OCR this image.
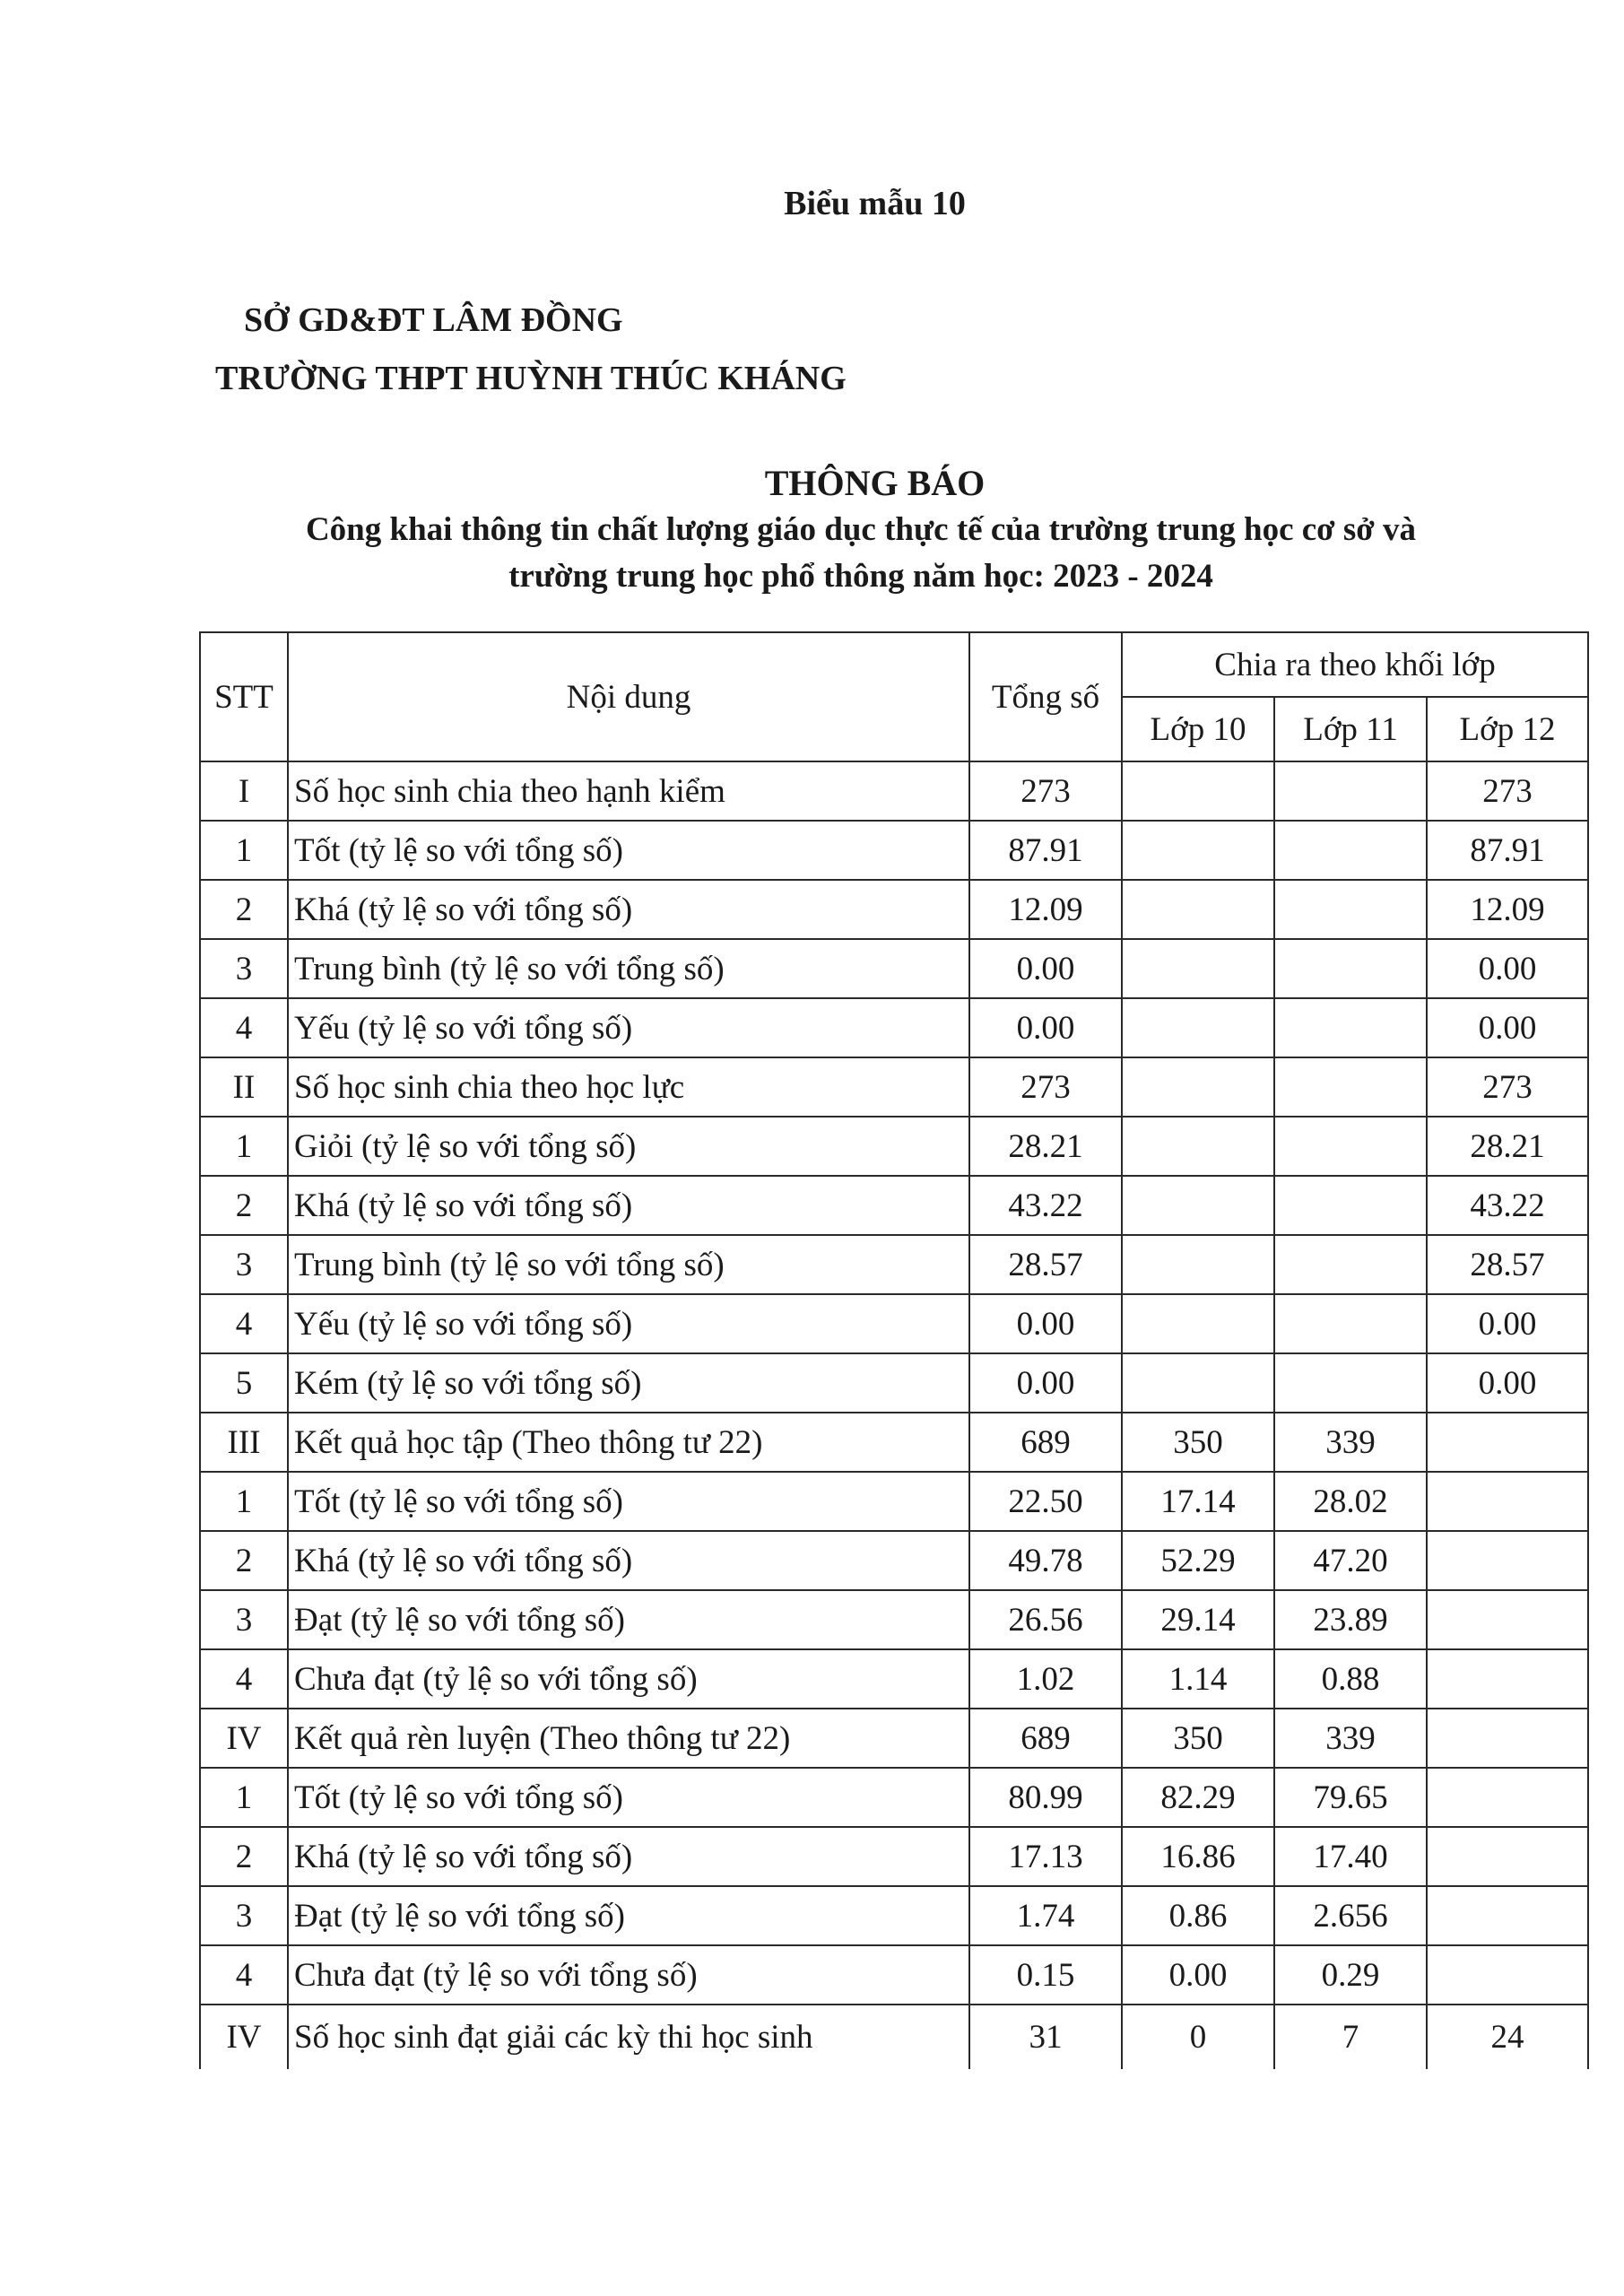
Biểu mẫu 10
SỞ GD&ĐT LÂM ĐỒNG
TRƯỜNG THPT HUỲNH THÚC KHÁNG
THÔNG BÁO
Công khai thông tin chất lượng giáo dục thực tế của trường trung học cơ sở và
trường trung học phổ thông năm học: 2023 - 2024
STT	Nội dung	Tổng số	Chia ra theo khối lớp		
			Lớp 10	Lớp 11	Lớp 12
I	Số học sinh chia theo hạnh kiểm	273			273
1	Tốt (tỷ lệ so với tổng số)	87.91			87.91
2	Khá (tỷ lệ so với tổng số)	12.09			12.09
3	Trung bình (tỷ lệ so với tổng số)	0.00			0.00
4	Yếu (tỷ lệ so với tổng số)	0.00			0.00
II	Số học sinh chia theo học lực	273			273
1	Giỏi (tỷ lệ so với tổng số)	28.21			28.21
2	Khá (tỷ lệ so với tổng số)	43.22			43.22
3	Trung bình (tỷ lệ so với tổng số)	28.57			28.57
4	Yếu (tỷ lệ so với tổng số)	0.00			0.00
5	Kém (tỷ lệ so với tổng số)	0.00			0.00
III	Kết quả học tập (Theo thông tư 22)	689	350	339	
1	Tốt (tỷ lệ so với tổng số)	22.50	17.14	28.02	
2	Khá (tỷ lệ so với tổng số)	49.78	52.29	47.20	
3	Đạt (tỷ lệ so với tổng số)	26.56	29.14	23.89	
4	Chưa đạt (tỷ lệ so với tổng số)	1.02	1.14	0.88	
IV	Kết quả rèn luyện (Theo thông tư 22)	689	350	339	
1	Tốt (tỷ lệ so với tổng số)	80.99	82.29	79.65	
2	Khá (tỷ lệ so với tổng số)	17.13	16.86	17.40	
3	Đạt (tỷ lệ so với tổng số)	1.74	0.86	2.656	
4	Chưa đạt (tỷ lệ so với tổng số)	0.15	0.00	0.29	
IV	Số học sinh đạt giải các kỳ thi học sinh	31	0	7	24
